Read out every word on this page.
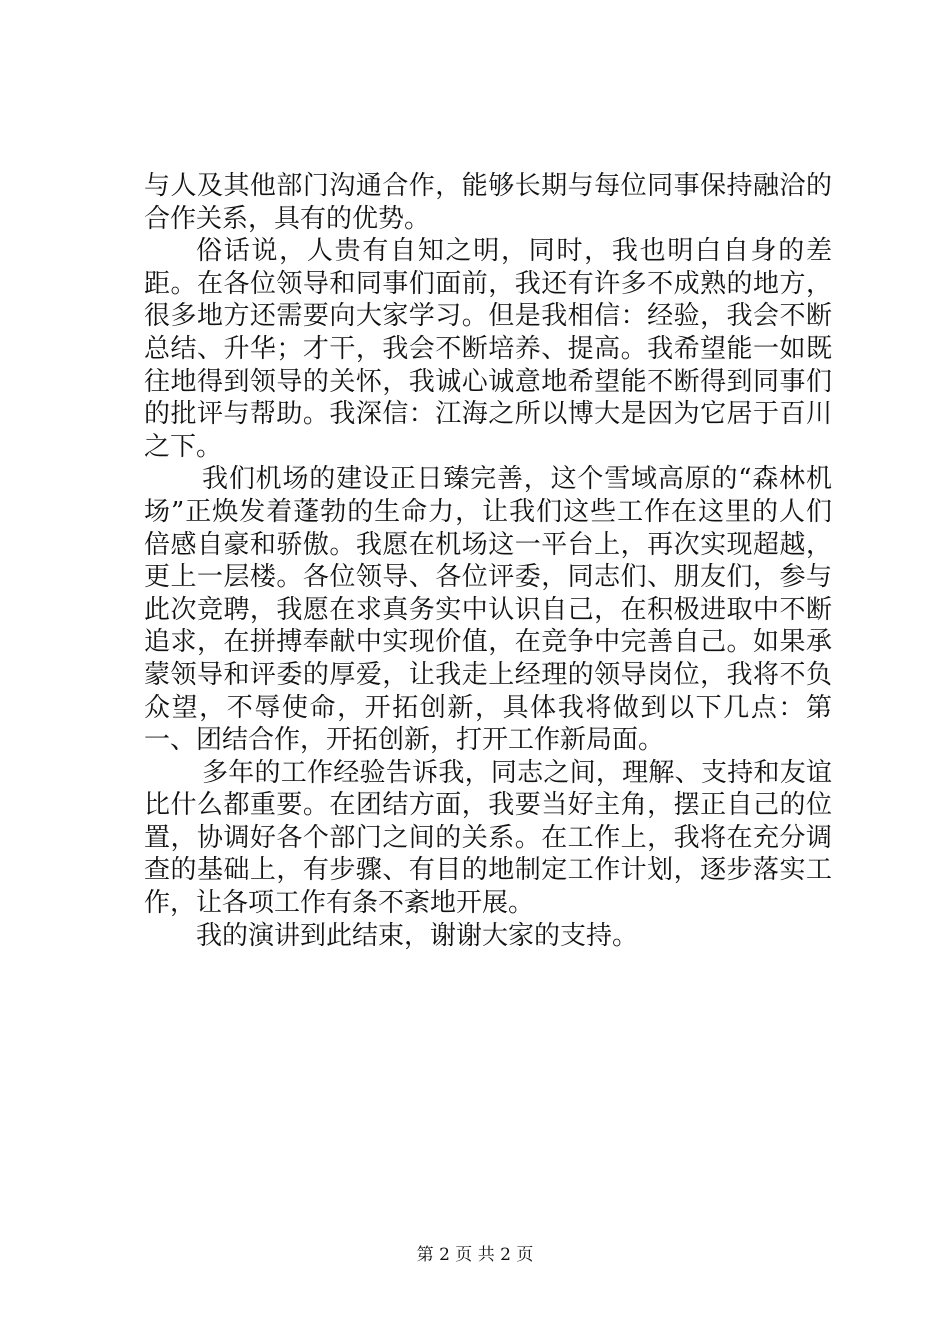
与人及其他部门沟通合作，能够长期与每位同事保持融洽的合作关系，具有的优势。

俗话说，人贵有自知之明，同时，我也明白自身的差距。在各位领导和同事们面前，我还有许多不成熟的地方，很多地方还需要向大家学习。但是我相信：经验，我会不断总结、升华；才干，我会不断培养、提高。我希望能一如既往地得到领导的关怀，我诚心诚意地希望能不断得到同事们的批评与帮助。我深信：江海之所以博大是因为它居于百川之下。

我们机场的建设正日臻完善，这个雪域高原的“森林机场”正焕发着蓬勃的生命力，让我们这些工作在这里的人们倍感自豪和骄傲。我愿在机场这一平台上，再次实现超越，更上一层楼。各位领导、各位评委，同志们、朋友们，参与此次竞聘，我愿在求真务实中认识自己，在积极进取中不断追求，在拼搏奉献中实现价值，在竞争中完善自己。如果承蒙领导和评委的厚爱，让我走上经理的领导岗位，我将不负众望，不辱使命，开拓创新，具体我将做到以下几点：第一、团结合作，开拓创新，打开工作新局面。

多年的工作经验告诉我，同志之间，理解、支持和友谊比什么都重要。在团结方面，我要当好主角，摆正自己的位置，协调好各个部门之间的关系。在工作上，我将在充分调查的基础上，有步骤、有目的地制定工作计划，逐步落实工作，让各项工作有条不紊地开展。

我的演讲到此结束，谢谢大家的支持。

第 2 页 共 2 页
